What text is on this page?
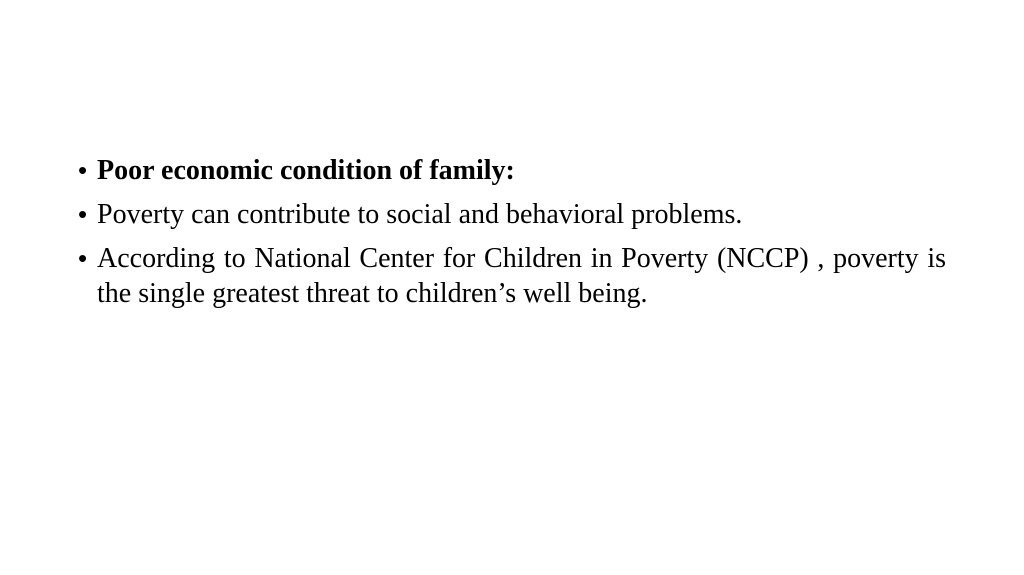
• Poor economic condition of family:
• Poverty can contribute to social and behavioral problems.
• According to National Center for Children in Poverty (NCCP) , poverty is the single greatest threat to children’s well being.
